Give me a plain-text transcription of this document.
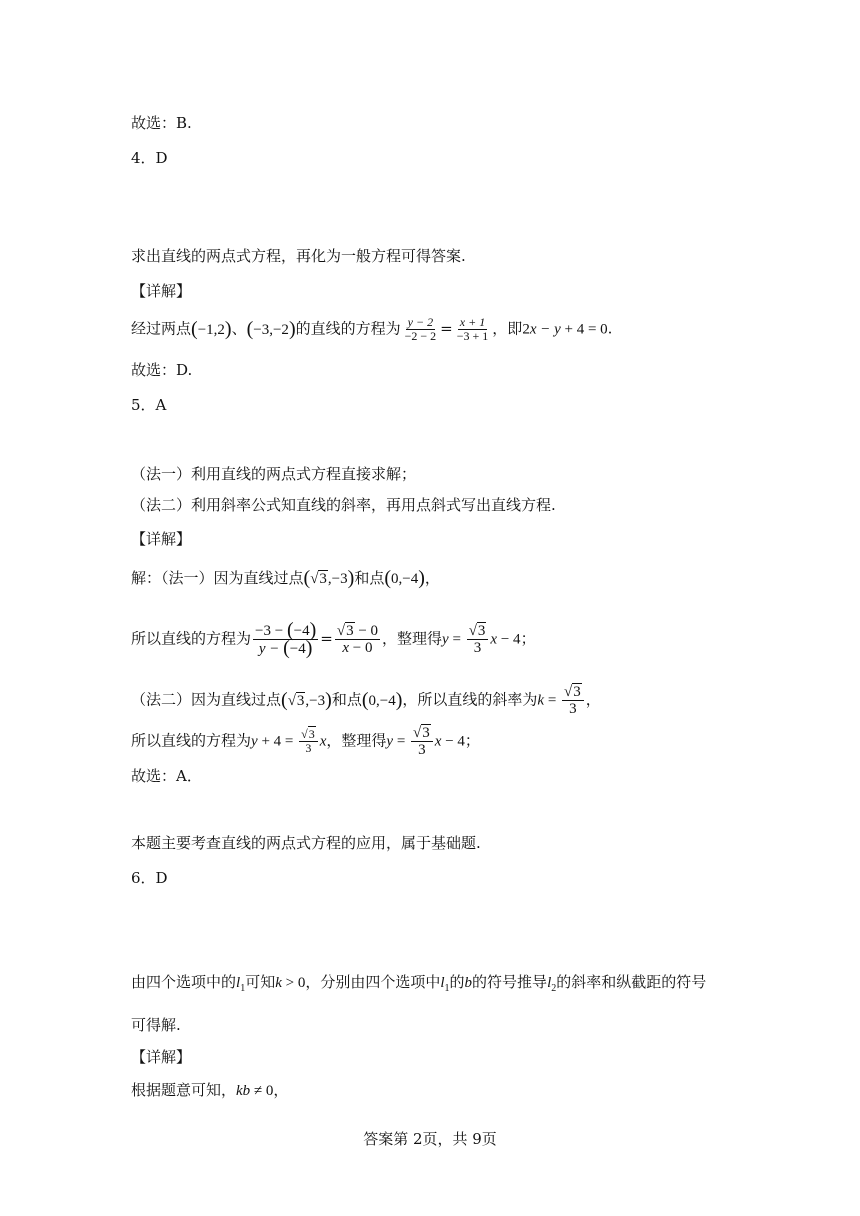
故选：B.
4．D
求出直线的两点式方程，再化为一般方程可得答案.
【详解】
经过两点(−1,2)、(−3,−2)的直线的方程为 $\frac{y - 2}{-2 - 2} = \frac{x + 1}{-3 + 1}$ ，即2x − y + 4 = 0.
故选：D.
5．A
（法一）利用直线的两点式方程直接求解；
（法二）利用斜率公式知直线的斜率，再用点斜式写出直线方程.
【详解】
解：（法一）因为直线过点(√3,−3)和点(0,−4)，
所以直线的方程为 $\frac{-3 - (-4)}{y - (-4)} = \frac{√3 - 0}{x - 0}$ ，整理得$y = \frac{√3}{3}$ x − 4；
（法二）因为直线过点(√3,−3)和点(0,−4)，所以直线的斜率为$k = \frac{√3}{3}$ ，
所以直线的方程为$y + 4 = \frac{√3}{3}$ x，整理得$y = \frac{√3}{3}$ x − 4；
故选：A．
本题主要考查直线的两点式方程的应用，属于基础题.
6．D
由四个选项中的$l_1$可知k > 0，分别由四个选项中$l_1$的b的符号推导$l_2$的斜率和纵截距的符号
可得解.
【详解】
根据题意可知，kb ≠ 0，
答案第 2页，共 9页
